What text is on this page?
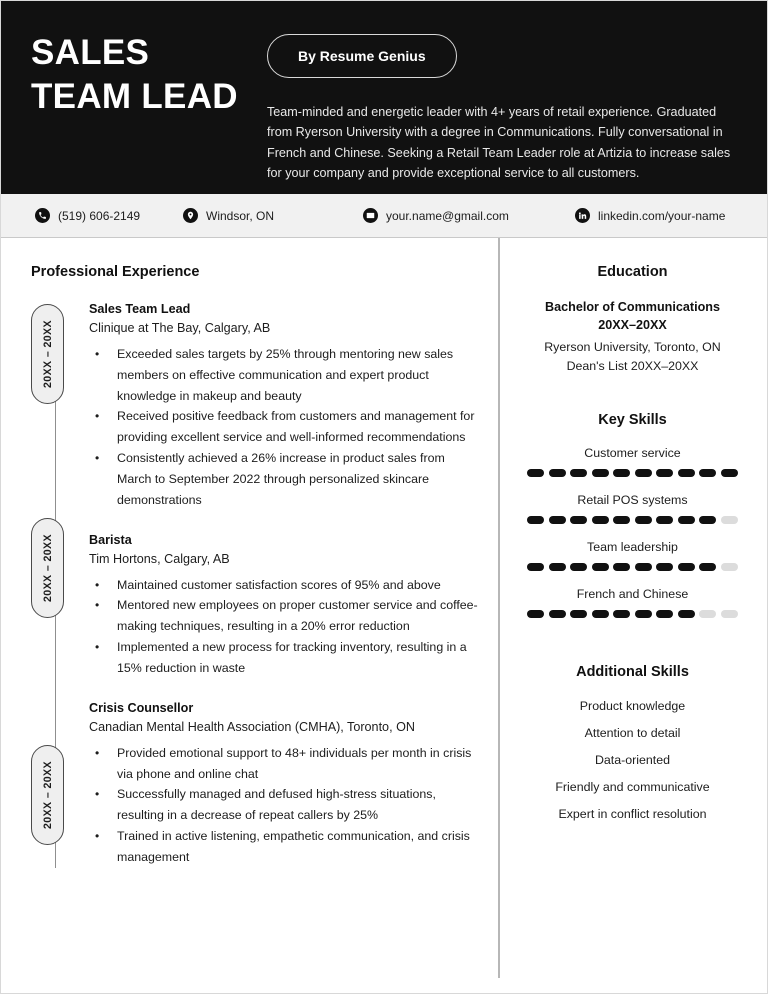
SALES
TEAM LEAD
By Resume Genius
Team-minded and energetic leader with 4+ years of retail experience. Graduated from Ryerson University with a degree in Communications. Fully conversational in French and Chinese. Seeking a Retail Team Leader role at Artizia to increase sales for your company and provide exceptional service to all customers.
(519) 606-2149	Windsor, ON	your.name@gmail.com	linkedin.com/your-name
Professional Experience
20XX – 20XX
Sales Team Lead
Clinique at The Bay, Calgary, AB
• Exceeded sales targets by 25% through mentoring new sales members on effective communication and expert product knowledge in makeup and beauty
• Received positive feedback from customers and management for providing excellent service and well-informed recommendations
• Consistently achieved a 26% increase in product sales from March to September 2022 through personalized skincare demonstrations
20XX – 20XX	Barista
Tim Hortons, Calgary, AB
• Maintained customer satisfaction scores of 95% and above
• Mentored new employees on proper customer service and coffee-making techniques, resulting in a 20% error reduction
• Implemented a new process for tracking inventory, resulting in a 15% reduction in waste
20XX – 20XX
Crisis Counsellor
Canadian Mental Health Association (CMHA), Toronto, ON
• Provided emotional support to 48+ individuals per month in crisis via phone and online chat
• Successfully managed and defused high-stress situations, resulting in a decrease of repeat callers by 25%
• Trained in active listening, empathetic communication, and crisis management
Education
Bachelor of Communications
20XX–20XX
Ryerson University, Toronto, ON
Dean's List 20XX–20XX
Key Skills
Customer service
Retail POS systems
Team leadership
French and Chinese
Additional Skills
Product knowledge
Attention to detail
Data-oriented
Friendly and communicative
Expert in conflict resolution
